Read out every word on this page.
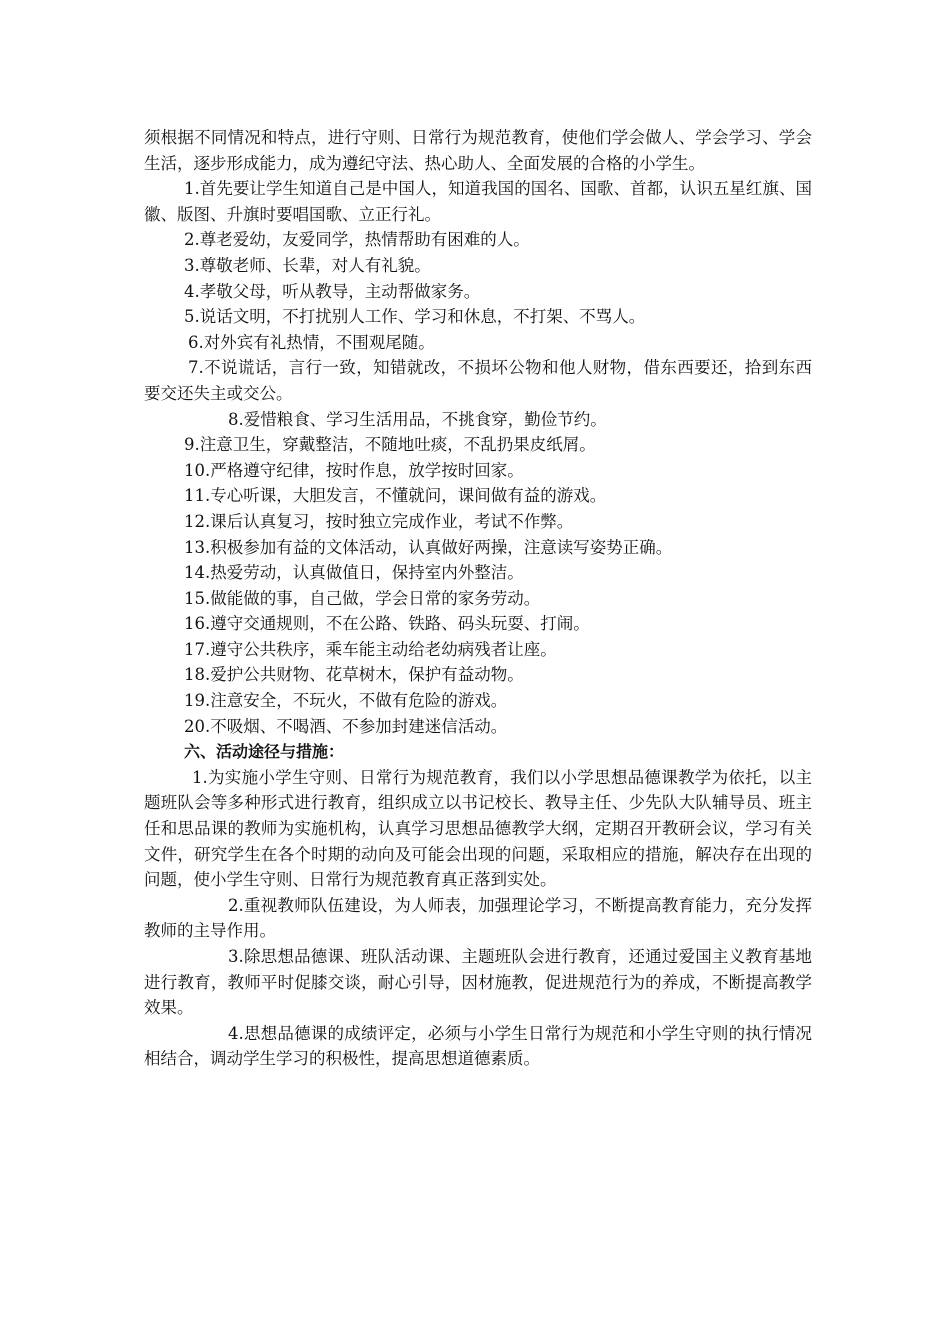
须根据不同情况和特点，进行守则、日常行为规范教育，使他们学会做人、学会学习、学会生活，逐步形成能力，成为遵纪守法、热心助人、全面发展的合格的小学生。

1.首先要让学生知道自己是中国人，知道我国的国名、国歌、首都，认识五星红旗、国徽、版图、升旗时要唱国歌、立正行礼。

2.尊老爱幼，友爱同学，热情帮助有困难的人。

3.尊敬老师、长辈，对人有礼貌。

4.孝敬父母，听从教导，主动帮做家务。

5.说话文明，不打扰别人工作、学习和休息，不打架、不骂人。

6.对外宾有礼热情，不围观尾随。

7.不说谎话，言行一致，知错就改，不损坏公物和他人财物，借东西要还，拾到东西要交还失主或交公。

8.爱惜粮食、学习生活用品，不挑食穿，勤俭节约。

9.注意卫生，穿戴整洁，不随地吐痰，不乱扔果皮纸屑。

10.严格遵守纪律，按时作息，放学按时回家。

11.专心听课，大胆发言，不懂就问，课间做有益的游戏。

12.课后认真复习，按时独立完成作业，考试不作弊。

13.积极参加有益的文体活动，认真做好两操，注意读写姿势正确。

14.热爱劳动，认真做值日，保持室内外整洁。

15.做能做的事，自己做，学会日常的家务劳动。

16.遵守交通规则，不在公路、铁路、码头玩耍、打闹。

17.遵守公共秩序，乘车能主动给老幼病残者让座。

18.爱护公共财物、花草树木，保护有益动物。

19.注意安全，不玩火，不做有危险的游戏。

20.不吸烟、不喝酒、不参加封建迷信活动。

六、活动途径与措施：

1.为实施小学生守则、日常行为规范教育，我们以小学思想品德课教学为依托，以主题班队会等多种形式进行教育，组织成立以书记校长、教导主任、少先队大队辅导员、班主任和思品课的教师为实施机构，认真学习思想品德教学大纲，定期召开教研会议，学习有关文件，研究学生在各个时期的动向及可能会出现的问题，采取相应的措施，解决存在出现的问题，使小学生守则、日常行为规范教育真正落到实处。

2.重视教师队伍建设，为人师表，加强理论学习，不断提高教育能力，充分发挥教师的主导作用。

3.除思想品德课、班队活动课、主题班队会进行教育，还通过爱国主义教育基地进行教育，教师平时促膝交谈，耐心引导，因材施教，促进规范行为的养成，不断提高教学效果。

4.思想品德课的成绩评定，必须与小学生日常行为规范和小学生守则的执行情况相结合，调动学生学习的积极性，提高思想道德素质。
